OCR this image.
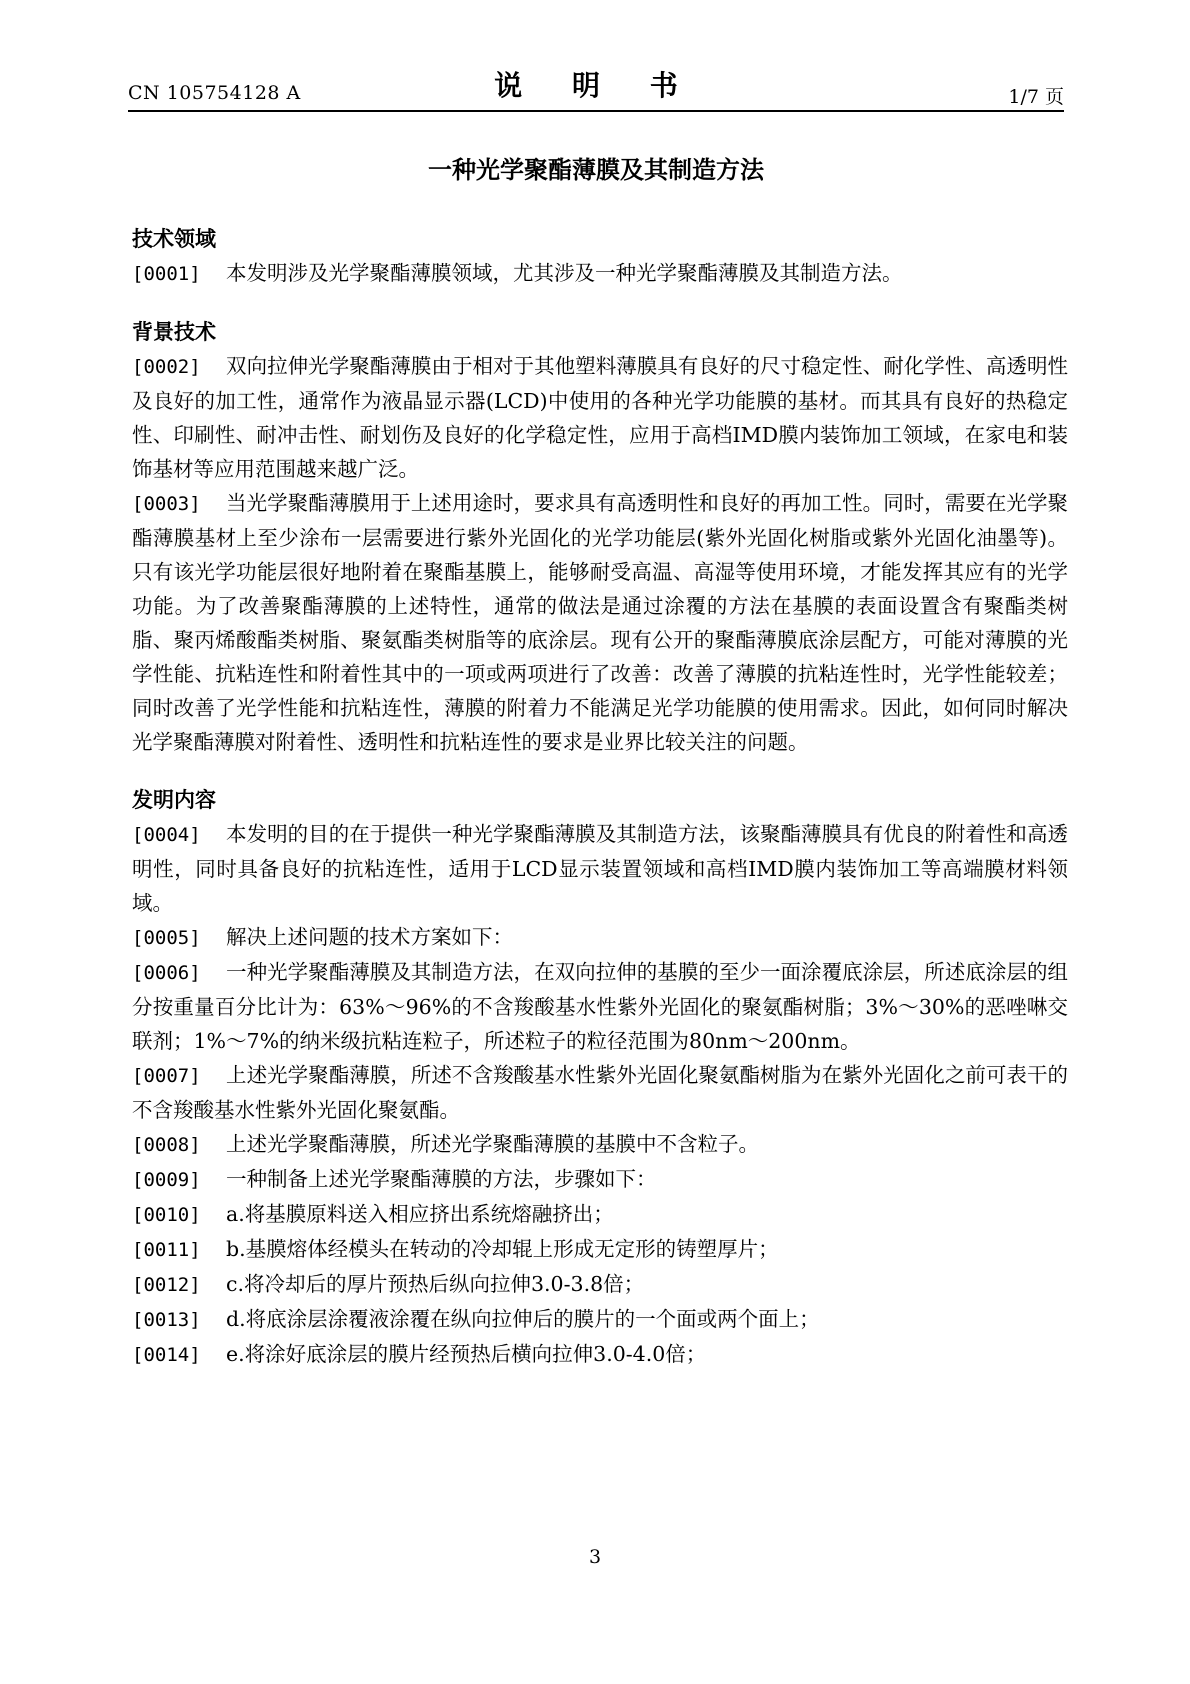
CN 105754128 A	说 明 书	1/7 页
一种光学聚酯薄膜及其制造方法
技术领域

[0001] 本发明涉及光学聚酯薄膜领域，尤其涉及一种光学聚酯薄膜及其制造方法。

背景技术

[0002] 双向拉伸光学聚酯薄膜由于相对于其他塑料薄膜具有良好的尺寸稳定性、耐化学性、高透明性及良好的加工性，通常作为液晶显示器(LCD)中使用的各种光学功能膜的基材。而其具有良好的热稳定性、印刷性、耐冲击性、耐划伤及良好的化学稳定性，应用于高档IMD膜内装饰加工领域，在家电和装饰基材等应用范围越来越广泛。

[0003] 当光学聚酯薄膜用于上述用途时，要求具有高透明性和良好的再加工性。同时，需要在光学聚酯薄膜基材上至少涂布一层需要进行紫外光固化的光学功能层(紫外光固化树脂或紫外光固化油墨等)。只有该光学功能层很好地附着在聚酯基膜上，能够耐受高温、高湿等使用环境，才能发挥其应有的光学功能。为了改善聚酯薄膜的上述特性，通常的做法是通过涂覆的方法在基膜的表面设置含有聚酯类树脂、聚丙烯酸酯类树脂、聚氨酯类树脂等的底涂层。现有公开的聚酯薄膜底涂层配方，可能对薄膜的光学性能、抗粘连性和附着性其中的一项或两项进行了改善：改善了薄膜的抗粘连性时，光学性能较差；同时改善了光学性能和抗粘连性，薄膜的附着力不能满足光学功能膜的使用需求。因此，如何同时解决光学聚酯薄膜对附着性、透明性和抗粘连性的要求是业界比较关注的问题。

发明内容

[0004] 本发明的目的在于提供一种光学聚酯薄膜及其制造方法，该聚酯薄膜具有优良的附着性和高透明性，同时具备良好的抗粘连性，适用于LCD显示装置领域和高档IMD膜内装饰加工等高端膜材料领域。

[0005] 解决上述问题的技术方案如下：

[0006] 一种光学聚酯薄膜及其制造方法，在双向拉伸的基膜的至少一面涂覆底涂层，所述底涂层的组分按重量百分比计为：63%～96%的不含羧酸基水性紫外光固化的聚氨酯树脂；3%～30%的恶唑啉交联剂；1%～7%的纳米级抗粘连粒子，所述粒子的粒径范围为80nm～200nm。

[0007] 上述光学聚酯薄膜，所述不含羧酸基水性紫外光固化聚氨酯树脂为在紫外光固化之前可表干的不含羧酸基水性紫外光固化聚氨酯。

[0008] 上述光学聚酯薄膜，所述光学聚酯薄膜的基膜中不含粒子。

[0009] 一种制备上述光学聚酯薄膜的方法，步骤如下：

[0010] a.将基膜原料送入相应挤出系统熔融挤出；

[0011] b.基膜熔体经模头在转动的冷却辊上形成无定形的铸塑厚片；

[0012] c.将冷却后的厚片预热后纵向拉伸3.0-3.8倍；

[0013] d.将底涂层涂覆液涂覆在纵向拉伸后的膜片的一个面或两个面上；

[0014] e.将涂好底涂层的膜片经预热后横向拉伸3.0-4.0倍；

3
